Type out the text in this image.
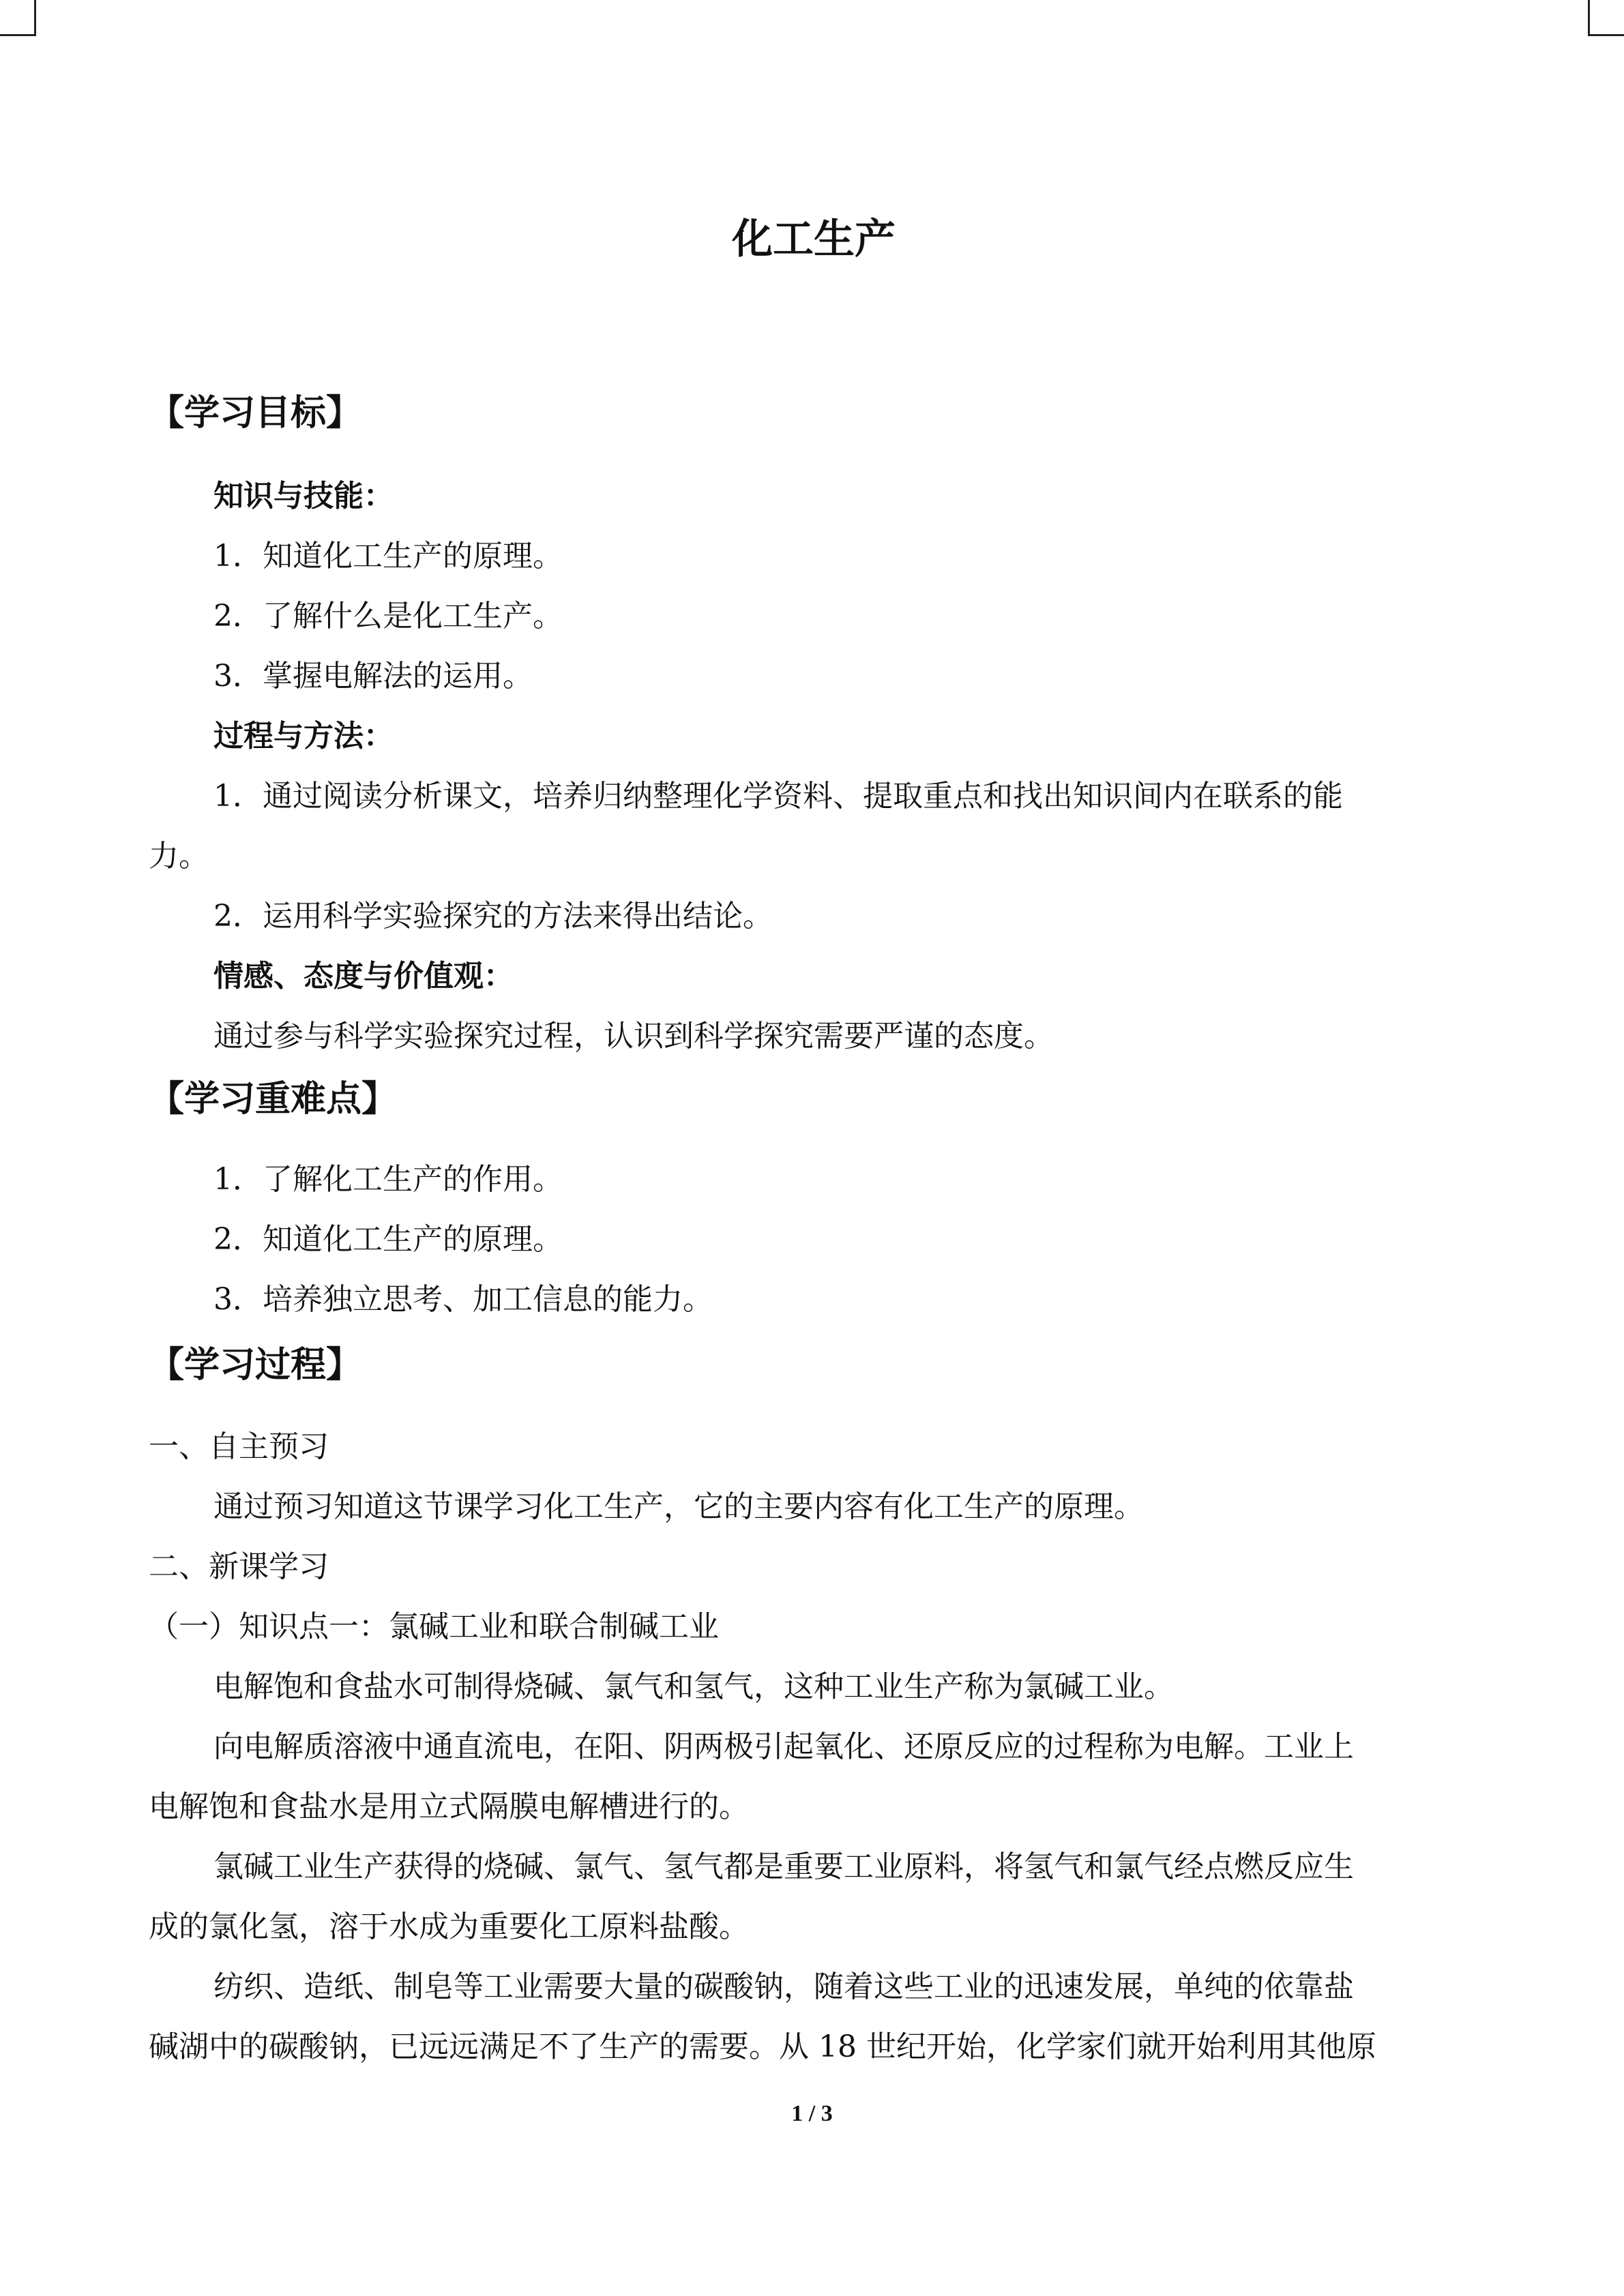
化工生产
【学习目标】
知识与技能：
1．知道化工生产的原理。
2．了解什么是化工生产。
3．掌握电解法的运用。
过程与方法：
1．通过阅读分析课文，培养归纳整理化学资料、提取重点和找出知识间内在联系的能
力。
2．运用科学实验探究的方法来得出结论。
情感、态度与价值观：
通过参与科学实验探究过程，认识到科学探究需要严谨的态度。
【学习重难点】
1．了解化工生产的作用。
2．知道化工生产的原理。
3．培养独立思考、加工信息的能力。
【学习过程】
一、自主预习
通过预习知道这节课学习化工生产，它的主要内容有化工生产的原理。
二、新课学习
（一）知识点一：氯碱工业和联合制碱工业
电解饱和食盐水可制得烧碱、氯气和氢气，这种工业生产称为氯碱工业。
向电解质溶液中通直流电，在阳、阴两极引起氧化、还原反应的过程称为电解。工业上
电解饱和食盐水是用立式隔膜电解槽进行的。
氯碱工业生产获得的烧碱、氯气、氢气都是重要工业原料，将氢气和氯气经点燃反应生
成的氯化氢，溶于水成为重要化工原料盐酸。
纺织、造纸、制皂等工业需要大量的碳酸钠，随着这些工业的迅速发展，单纯的依靠盐
碱湖中的碳酸钠，已远远满足不了生产的需要。从 18 世纪开始，化学家们就开始利用其他原
1 / 3
